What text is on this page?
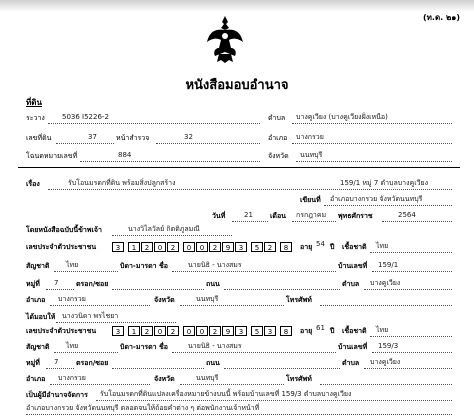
(ท.ด. ๒๑)
หนังสือมอบอำนาจ
ที่ดิน
ระวาง 5036 I5226-2	ตำบล บางคูเวียง (บางคูเวียงฝั่งเหนือ)
เลขที่ดิน	37	หน้าสำรวจ	32	อำเภอ บางกรวย
โฉนดหมายเลขที่	884	จังหวัด นนทบุรี
เรื่อง	รับโอนมรดกที่ดิน พร้อมสิ่งปลูกสร้าง	159/1 หมู่ 7 ตำบลบางคูเวียง
เขียนที่ อำเภอบางกรวย จังหวัดนนทบุรี
วันที่	21 เดือน กรกฎาคม พุทธศักราช	2564
โดยหนังสือฉบับนี้ข้าพเจ้า	นางวิไลวัลย์ กิตติภูลมณี
เลขประจำตัวประชาชน	3	1	2	0	2	0	0	2	9	3	5	2	8	อายุ 54 ปี เชื้อชาติ ไทย
สัญชาติ ไทย	บิดา-มารดา ชื่อ	นายนิธิ - นางสมร	บ้านเลขที่ 159/1
หมู่ที่ 7	ตรอก/ซอย	ถนน	ตำบล บางคูเวียง
อำเภอ บางกรวย	จังหวัด	นนทบุรี	โทรศัพท์
ได้มอบให้ นางวนิดา พรไชยา
เลขประจำตัวประชาชน	3	1	2	0	2	0	0	2	9	3	5	3	8	อายุ 61 ปี เชื้อชาติ ไทย
สัญชาติ ไทย	บิดา-มารดา ชื่อ	นายนิธิ - นางสมร	บ้านเลขที่ 159/3
หมู่ที่ 7	ตรอก/ซอย	ถนน	ตำบล บางคูเวียง
อำเภอ บางกรวย	จังหวัด	นนทบุรี	โทรศัพท์
เป็นผู้มีอำนาจจัดการ รับโอนมรดกที่ดินแปลงเครื่องหมายข้างบนนี้ พร้อมบ้านเลขที่ 159/3 ตำบลบางคูเวียง
อำเภอบางกรวย จังหวัดนนทบุรี ตลอดจนให้ถ้อยคำต่าง ๆ ต่อพนักงานเจ้าหน้าที่
